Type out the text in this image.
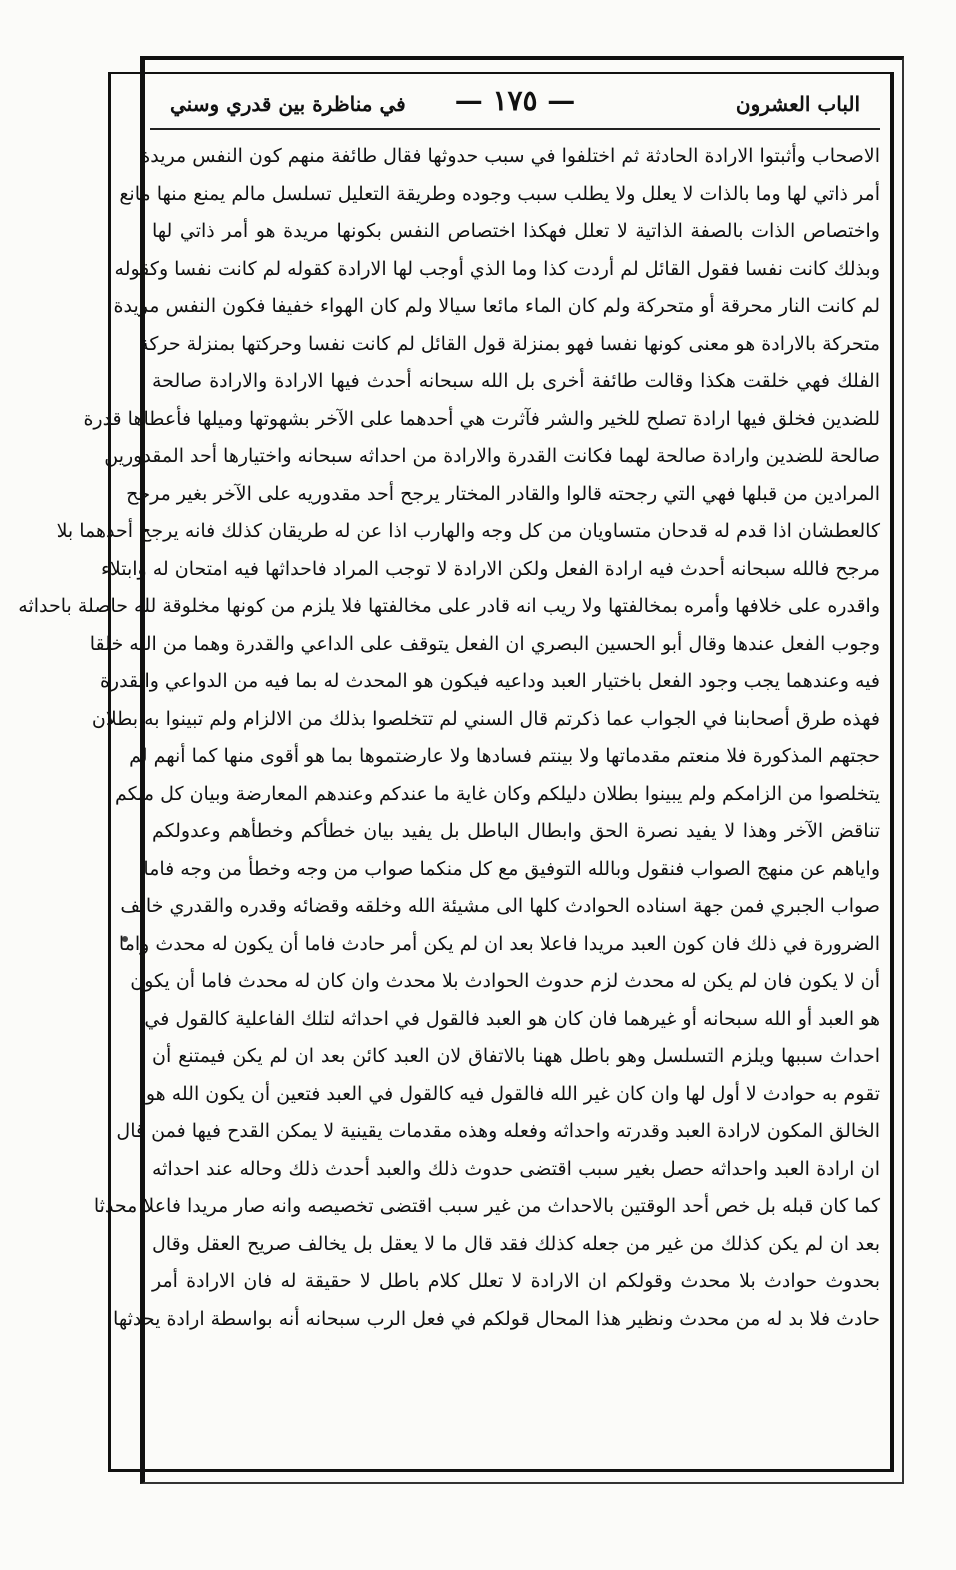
الباب العشرون
— ١٧٥ —
في مناظرة بين قدري وسني
الاصحاب وأثبتوا الارادة الحادثة ثم اختلفوا في سبب حدوثها فقال طائفة منهم كون النفس مريدة
أمر ذاتي لها وما بالذات لا يعلل ولا يطلب سبب وجوده وطريقة التعليل تسلسل مالم يمنع منها مانع
واختصاص الذات بالصفة الذاتية لا تعلل فهكذا اختصاص النفس بكونها مريدة هو أمر ذاتي لها
وبذلك كانت نفسا فقول القائل لم أردت كذا وما الذي أوجب لها الارادة كقوله لم كانت نفسا وكقوله
لم كانت النار محرقة أو متحركة ولم كان الماء مائعا سيالا ولم كان الهواء خفيفا فكون النفس مريدة
متحركة بالارادة هو معنى كونها نفسا فهو بمنزلة قول القائل لم كانت نفسا وحركتها بمنزلة حركة
الفلك فهي خلقت هكذا وقالت طائفة أخرى بل الله سبحانه أحدث فيها الارادة والارادة صالحة
للضدين فخلق فيها ارادة تصلح للخير والشر فآثرت هي أحدهما على الآخر بشهوتها وميلها فأعطاها قدرة
صالحة للضدين وارادة صالحة لهما فكانت القدرة والارادة من احداثه سبحانه واختيارها أحد المقدورين
المرادين من قبلها فهي التي رجحته قالوا والقادر المختار يرجح أحد مقدوريه على الآخر بغير مرجح
كالعطشان اذا قدم له قدحان متساويان من كل وجه والهارب اذا عن له طريقان كذلك فانه يرجح أحدهما بلا
مرجح فالله سبحانه أحدث فيه ارادة الفعل ولكن الارادة لا توجب المراد فاحداثها فيه امتحان له وابتلاء
واقدره على خلافها وأمره بمخالفتها ولا ريب انه قادر على مخالفتها فلا يلزم من كونها مخلوقة لله حاصلة باحداثه
وجوب الفعل عندها وقال أبو الحسين البصري ان الفعل يتوقف على الداعي والقدرة وهما من الله خلقا
فيه وعندهما يجب وجود الفعل باختيار العبد وداعيه فيكون هو المحدث له بما فيه من الدواعي والقدرة
فهذه طرق أصحابنا في الجواب عما ذكرتم قال السني لم تتخلصوا بذلك من الالزام ولم تبينوا به بطلان
حجتهم المذكورة فلا منعتم مقدماتها ولا بينتم فسادها ولا عارضتموها بما هو أقوى منها كما أنهم لم
يتخلصوا من الزامكم ولم يبينوا بطلان دليلكم وكان غاية ما عندكم وعندهم المعارضة وبيان كل منكم
تناقض الآخر وهذا لا يفيد نصرة الحق وابطال الباطل بل يفيد بيان خطأكم وخطأهم وعدولكم
واياهم عن منهج الصواب فنقول وبالله التوفيق مع كل منكما صواب من وجه وخطأ من وجه فاما
صواب الجبري فمن جهة اسناده الحوادث كلها الى مشيئة الله وخلقه وقضائه وقدره والقدري خالف
الضرورة في ذلك فان كون العبد مريدا فاعلا بعد ان لم يكن أمر حادث فاما أن يكون له محدث واما
أن لا يكون فان لم يكن له محدث لزم حدوث الحوادث بلا محدث وان كان له محدث فاما أن يكون
هو العبد أو الله سبحانه أو غيرهما فان كان هو العبد فالقول في احداثه لتلك الفاعلية كالقول في
احداث سببها ويلزم التسلسل وهو باطل ههنا بالاتفاق لان العبد كائن بعد ان لم يكن فيمتنع أن
تقوم به حوادث لا أول لها وان كان غير الله فالقول فيه كالقول في العبد فتعين أن يكون الله هو
الخالق المكون لارادة العبد وقدرته واحداثه وفعله وهذه مقدمات يقينية لا يمكن القدح فيها فمن قال
ان ارادة العبد واحداثه حصل بغير سبب اقتضى حدوث ذلك والعبد أحدث ذلك وحاله عند احداثه
كما كان قبله بل خص أحد الوقتين بالاحداث من غير سبب اقتضى تخصيصه وانه صار مريدا فاعلا محدثا
بعد ان لم يكن كذلك من غير من جعله كذلك فقد قال ما لا يعقل بل يخالف صريح العقل وقال
بحدوث حوادث بلا محدث وقولكم ان الارادة لا تعلل كلام باطل لا حقيقة له فان الارادة أمر
حادث فلا بد له من محدث ونظير هذا المحال قولكم في فعل الرب سبحانه أنه بواسطة ارادة يحدثها
